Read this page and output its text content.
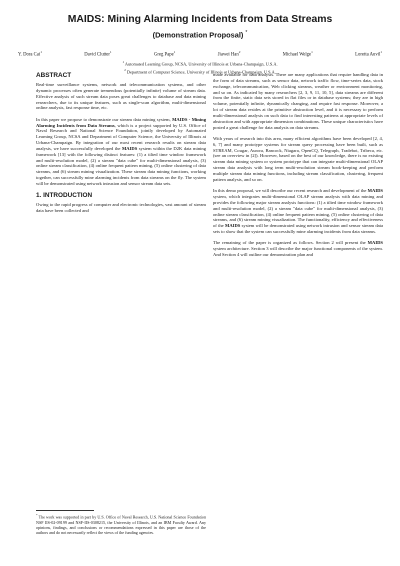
MAIDS: Mining Alarming Incidents from Data Streams
(Demonstration Proposal) *
Y. Dora Cai$^1$
David Clutter$^1$
Greg Pape$^1$
Jiawei Han$^2$
Michael Welge$^1$
Loretta Auvil$^1$
$^1$ Automated Learning Group, NCSA, University of Illinois at Urbana-Champaign, U.S.A.
$^2$ Department of Computer Science, University of Illinois at Urbana-Champaign, U.S.A.
ABSTRACT

Real-time surveillance systems, network and telecommunication systems, and other dynamic processes often generate tremendous (potentially infinite) volume of stream data. Effective analysis of such stream data poses great challenges to database and data mining researchers, due to its unique features, such as single-scan algorithm, multi-dimensional online analysis, fast response time, etc.

In this paper we propose to demonstrate our stream data mining system, MAIDS - Mining Alarming Incidents from Data Streams, which is a project supported by U.S. Office of Naval Research and National Science Foundation, jointly developed by Automated Learning Group, NCSA and Department of Computer Science, the University of Illinois at Urbana-Champaign. By integration of our most recent research results on stream data analysis, we have successfully developed the MAIDS system within the D2K data mining framework [13] with the following distinct features: (1) a tilted time window framework and multi-resolution model, (2) a stream "data cube" for multi-dimensional analysis, (3) online stream classification, (4) online frequent pattern mining, (5) online clustering of data streams, and (6) stream mining visualization. These stream data mining functions, working together, can successfully mine alarming incidents from data streams on the fly. The system will be demonstrated using network intrusion and sensor stream data sets.

1. INTRODUCTION

Owing to the rapid progress of computer and electronic technologies, vast amount of stream data have been collected and

* The work was supported in part by U.S. Office of Naval Research, U.S. National Science Foundation NSF IIS-02-09199 and NSF-IIS-0308215, the University of Illinois, and an IBM Faculty Award. Any opinions, findings, and conclusions or recommendations expressed in this paper are those of the authors and do not necessarily reflect the views of the funding agencies.

made available for data analysis. There are many applications that require handling data in the form of data streams, such as sensor data, network traffic flow, time-series data, stock exchange, telecommunication, Web clicking streams, weather or environment monitoring, and so on. As indicated by many researchers [2, 3, 9, 11, 10, 5], data streams are different from the finite, static data sets stored in flat files or in database systems; they are in high volume, potentially infinite, dynamically changing, and require fast response. Moreover, a lot of stream data resides at the primitive abstraction level, and it is necessary to perform multi-dimensional analysis on such data to find interesting patterns at appropriate levels of abstraction and with appropriate dimension combinations. These unique characteristics have posted a great challenge for data analysis on data streams.

With years of research into this area, many efficient algorithms have been developed [2, 4, 6, 7] and many prototype systems for stream query processing have been built, such as STREAM, Cougar, Aurora, Bancock, Niagara, OpenCQ, Telegraph, Tradebot, Tribeca, etc. (see an overview in [2]). However, based on the best of our knowledge, there is no existing stream data mining system or system prototype that can integrate multi-dimensional OLAP stream data analysis with long term multi-resolution stream book-keeping and perform multiple stream data mining functions, including stream classification, clustering, frequent pattern analysis, and so on.

In this demo proposal, we will describe our recent research and development of the MAIDS system, which integrates multi-dimensional OLAP stream analysis with data mining and provides the following major stream analysis functions: (1) a tilted time window framework and multi-resolution model, (2) a stream "data cube" for multi-dimensional analysis, (3) online stream classification, (4) online frequent pattern mining, (5) online clustering of data streams, and (6) stream mining visualization. The functionality, efficiency and effectiveness of the MAIDS system will be demonstrated using network intrusion and sensor stream data sets to show that the system can successfully mine alarming incidents from data streams.

The remaining of the paper is organized as follows. Section 2 will present the MAIDS system architecture. Section 3 will describe the major functional components of the system. And Section 4 will outline our demonstration plan and
